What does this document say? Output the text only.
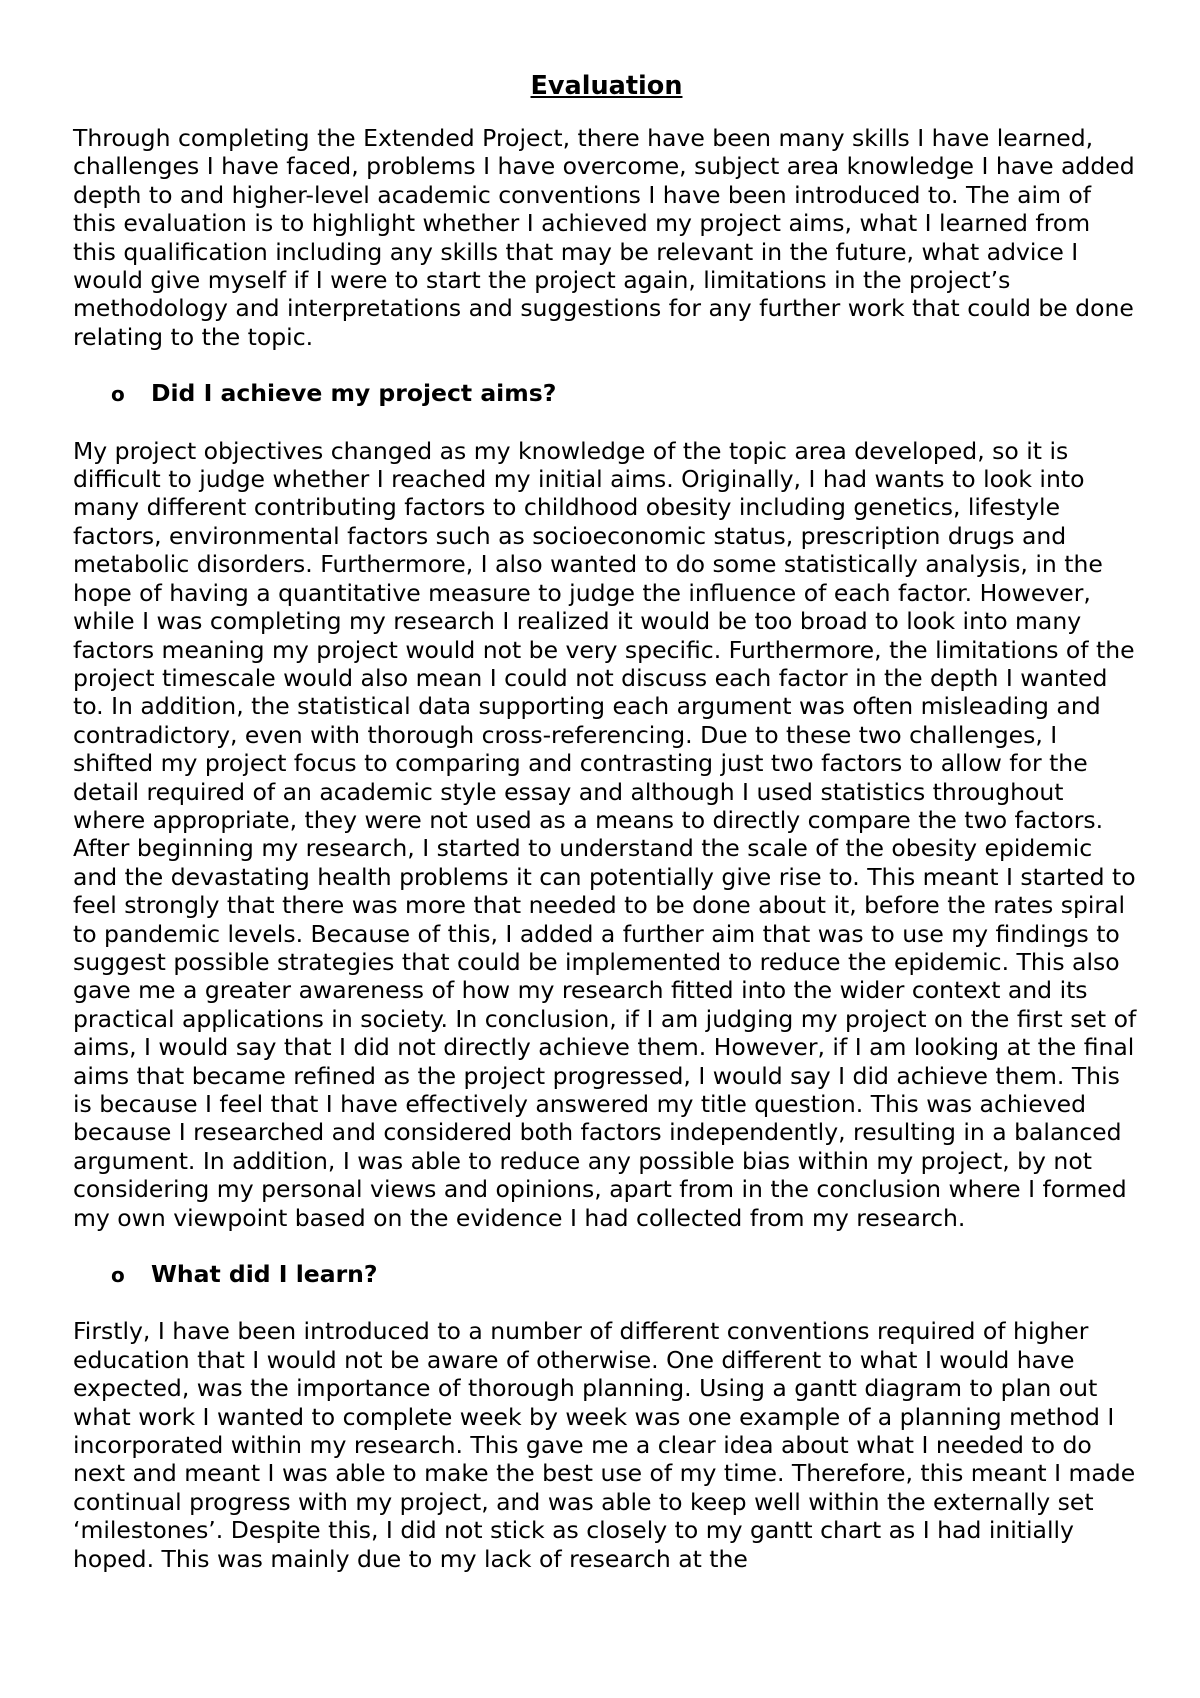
Evaluation

Through completing the Extended Project, there have been many skills I have learned, challenges I have faced, problems I have overcome, subject area knowledge I have added depth to and higher-level academic conventions I have been introduced to. The aim of this evaluation is to highlight whether I achieved my project aims, what I learned from this qualification including any skills that may be relevant in the future, what advice I would give myself if I were to start the project again, limitations in the project’s methodology and interpretations and suggestions for any further work that could be done relating to the topic.

o	Did I achieve my project aims?

My project objectives changed as my knowledge of the topic area developed, so it is difficult to judge whether I reached my initial aims. Originally, I had wants to look into many different contributing factors to childhood obesity including genetics, lifestyle factors, environmental factors such as socioeconomic status, prescription drugs and metabolic disorders. Furthermore, I also wanted to do some statistically analysis, in the hope of having a quantitative measure to judge the influence of each factor. However, while I was completing my research I realized it would be too broad to look into many factors meaning my project would not be very specific. Furthermore, the limitations of the project timescale would also mean I could not discuss each factor in the depth I wanted to. In addition, the statistical data supporting each argument was often misleading and contradictory, even with thorough cross-referencing. Due to these two challenges, I shifted my project focus to comparing and contrasting just two factors to allow for the detail required of an academic style essay and although I used statistics throughout where appropriate, they were not used as a means to directly compare the two factors. After beginning my research, I started to understand the scale of the obesity epidemic and the devastating health problems it can potentially give rise to. This meant I started to feel strongly that there was more that needed to be done about it, before the rates spiral to pandemic levels. Because of this, I added a further aim that was to use my findings to suggest possible strategies that could be implemented to reduce the epidemic. This also gave me a greater awareness of how my research fitted into the wider context and its practical applications in society. In conclusion, if I am judging my project on the first set of aims, I would say that I did not directly achieve them. However, if I am looking at the final aims that became refined as the project progressed, I would say I did achieve them. This is because I feel that I have effectively answered my title question. This was achieved because I researched and considered both factors independently, resulting in a balanced argument. In addition, I was able to reduce any possible bias within my project, by not considering my personal views and opinions, apart from in the conclusion where I formed my own viewpoint based on the evidence I had collected from my research.

o	What did I learn?

Firstly, I have been introduced to a number of different conventions required of higher education that I would not be aware of otherwise. One different to what I would have expected, was the importance of thorough planning. Using a gantt diagram to plan out what work I wanted to complete week by week was one example of a planning method I incorporated within my research. This gave me a clear idea about what I needed to do next and meant I was able to make the best use of my time. Therefore, this meant I made continual progress with my project, and was able to keep well within the externally set ‘milestones’. Despite this, I did not stick as closely to my gantt chart as I had initially hoped. This was mainly due to my lack of research at the
